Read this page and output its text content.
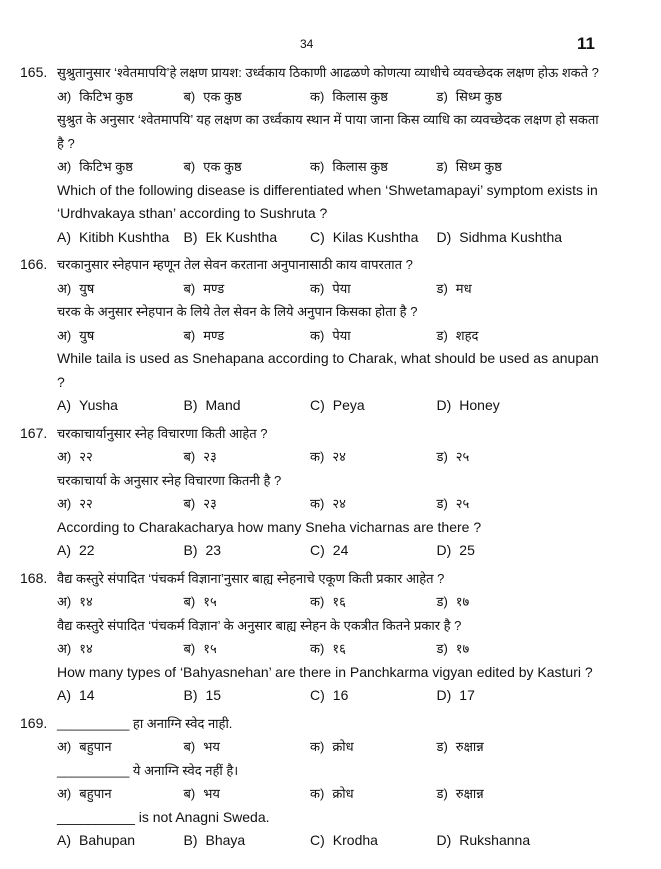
34	11
165. सुश्रुतानुसार ‘श्वेतमापयि’हे लक्षण प्रायश: उर्ध्वकाय ठिकाणी आढळणे कोणत्या व्याधीचे व्यवच्छेदक लक्षण होऊ शकते ?
अ) किटिभ कुष्ठ	ब) एक कुष्ठ	क) किलास कुष्ठ	ड) सिध्म कुष्ठ
सुश्रुत के अनुसार ‘श्वेतमापयि’ यह लक्षण का उर्ध्वकाय स्थान में पाया जाना किस व्याधि का व्यवच्छेदक लक्षण हो सकता है ?
अ) किटिभ कुष्ठ	ब) एक कुष्ठ	क) किलास कुष्ठ	ड) सिध्म कुष्ठ
Which of the following disease is differentiated when ‘Shwetamapayi’ symptom exists in ‘Urdhvakaya sthan’ according to Sushruta ?
A) Kitibh Kushtha	B) Ek Kushtha	C) Kilas Kushtha	D) Sidhma Kushtha
166. चरकानुसार स्नेहपान म्हणून तेल सेवन करताना अनुपानासाठी काय वापरतात ?
अ) युष	ब) मण्ड	क) पेया	ड) मध
चरक के अनुसार स्नेहपान के लिये तेल सेवन के लिये अनुपान किसका होता है ?
अ) युष	ब) मण्ड	क) पेया	ड) शहद
While taila is used as Snehapana according to Charak, what should be used as anupan ?
A) Yusha	B) Mand	C) Peya	D) Honey
167. चरकाचार्यानुसार स्नेह विचारणा किती आहेत ?
अ) २२	ब) २३	क) २४	ड) २५
चरकाचार्या के अनुसार स्नेह विचारणा कितनी है ?
अ) २२	ब) २३	क) २४	ड) २५
According to Charakacharya how many Sneha vicharnas are there ?
A) 22	B) 23	C) 24	D) 25
168. वैद्य कस्तुरे संपादित ‘पंचकर्म विज्ञाना’नुसार बाह्य स्नेहनाचे एकूण किती प्रकार आहेत ?
अ) १४	ब) १५	क) १६	ड) १७
वैद्य कस्तुरे संपादित ‘पंचकर्म विज्ञान’ के अनुसार बाह्य स्नेहन के एकत्रीत कितने प्रकार है ?
अ) १४	ब) १५	क) १६	ड) १७
How many types of ‘Bahyasnehan’ are there in Panchkarma vigyan edited by Kasturi ?
A) 14	B) 15	C) 16	D) 17
169. __________ हा अनाग्नि स्वेद नाही.
अ) बहुपान	ब) भय	क) क्रोध	ड) रुक्षान्न
__________ ये अनाग्नि स्वेद नहीं है।
अ) बहुपान	ब) भय	क) क्रोध	ड) रुक्षान्न
__________ is not Anagni Sweda.
A) Bahupan	B) Bhaya	C) Krodha	D) Rukshanna
